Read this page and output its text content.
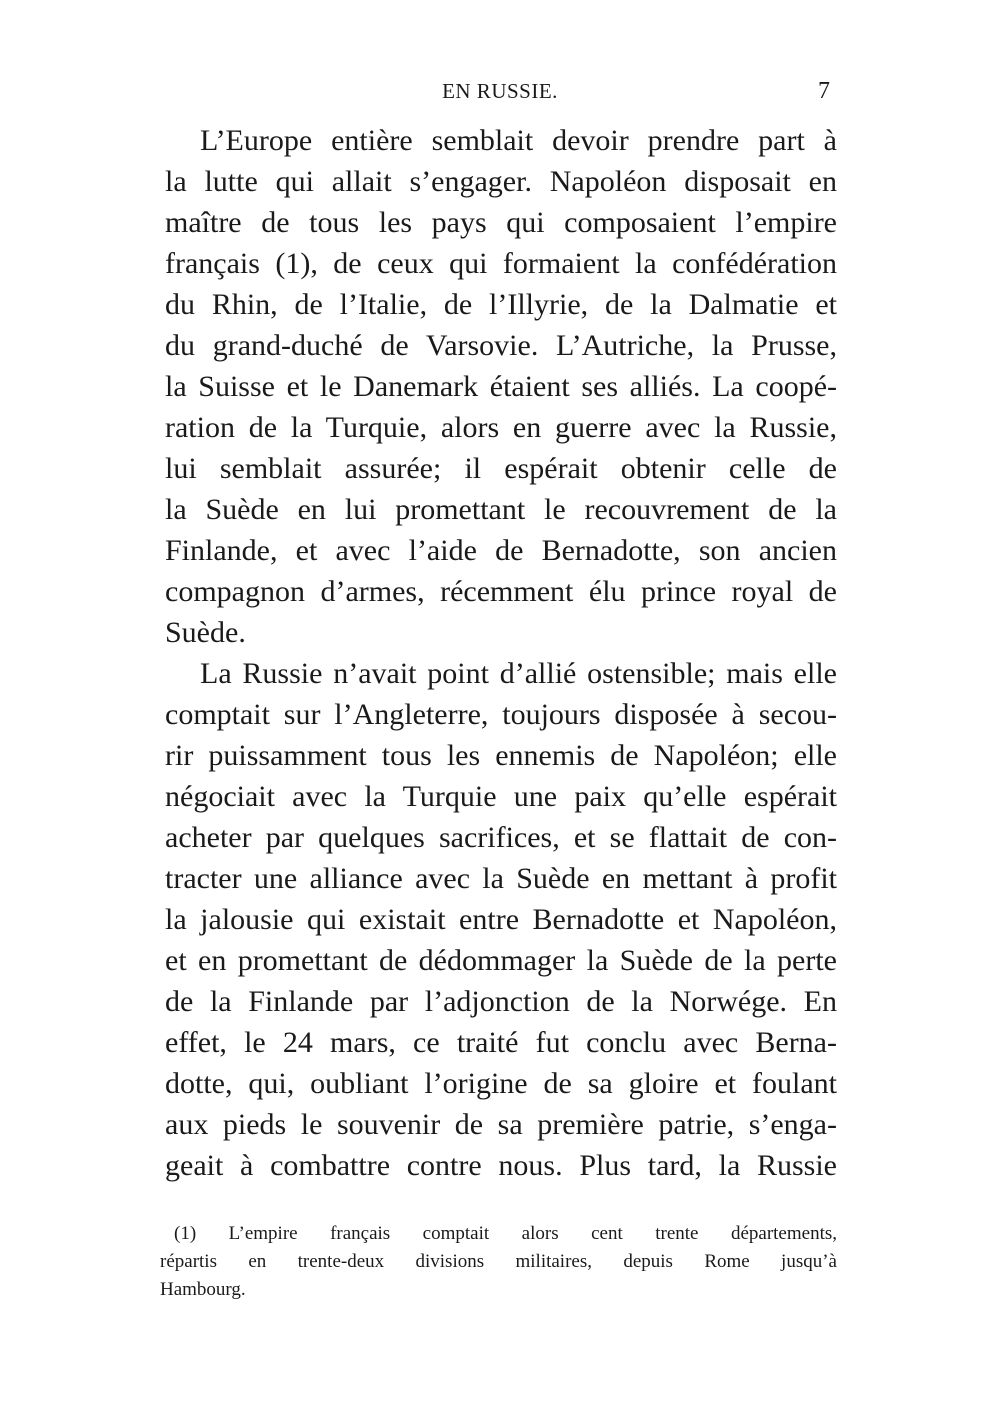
EN RUSSIE.	7
L’Europe entière semblait devoir prendre part à
la lutte qui allait s’engager. Napoléon disposait en
maître de tous les pays qui composaient l’empire
français (1), de ceux qui formaient la confédération
du Rhin, de l’Italie, de l’Illyrie, de la Dalmatie et
du grand-duché de Varsovie. L’Autriche, la Prusse,
la Suisse et le Danemark étaient ses alliés. La coopé-
ration de la Turquie, alors en guerre avec la Russie,
lui semblait assurée; il espérait obtenir celle de
la Suède en lui promettant le recouvrement de la
Finlande, et avec l’aide de Bernadotte, son ancien
compagnon d’armes, récemment élu prince royal de
Suède.
La Russie n’avait point d’allié ostensible; mais elle
comptait sur l’Angleterre, toujours disposée à secou-
rir puissamment tous les ennemis de Napoléon; elle
négociait avec la Turquie une paix qu’elle espérait
acheter par quelques sacrifices, et se flattait de con-
tracter une alliance avec la Suède en mettant à profit
la jalousie qui existait entre Bernadotte et Napoléon,
et en promettant de dédommager la Suède de la perte
de la Finlande par l’adjonction de la Norwége. En
effet, le 24 mars, ce traité fut conclu avec Berna-
dotte, qui, oubliant l’origine de sa gloire et foulant
aux pieds le souvenir de sa première patrie, s’enga-
geait à combattre contre nous. Plus tard, la Russie
(1) L’empire français comptait alors cent trente départements,
répartis en trente-deux divisions militaires, depuis Rome jusqu’à
Hambourg.
